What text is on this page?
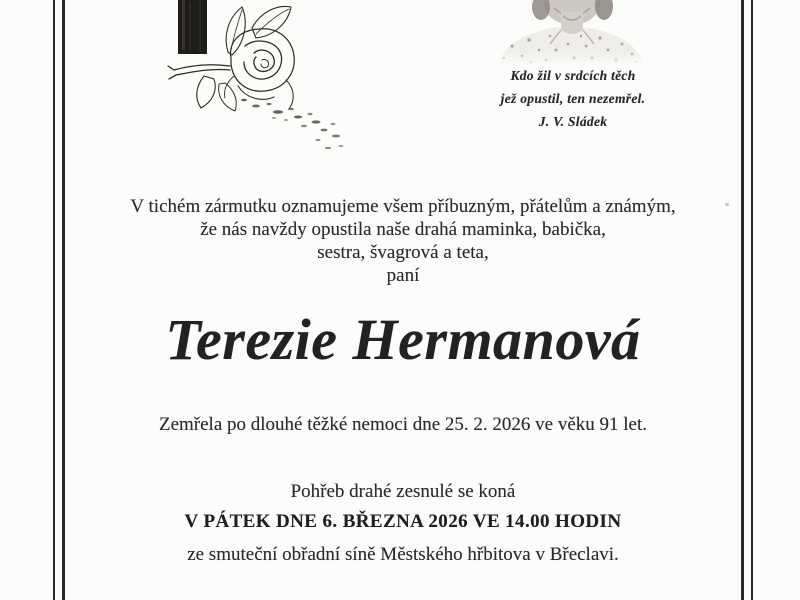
Kdo žil v srdcích těch
jež opustil, ten nezemřel.
J. V. Sládek
V tichém zármutku oznamujeme všem příbuzným, přátelům a známým,
že nás navždy opustila naše drahá maminka, babička,
sestra, švagrová a teta,
paní
Terezie Hermanová
Zemřela po dlouhé těžké nemoci dne 25. 2. 2026 ve věku 91 let.
Pohřeb drahé zesnulé se koná
V PÁTEK DNE 6. BŘEZNA 2026 VE 14.00 HODIN
ze smuteční obřadní síně Městského hřbitova v Břeclavi.
